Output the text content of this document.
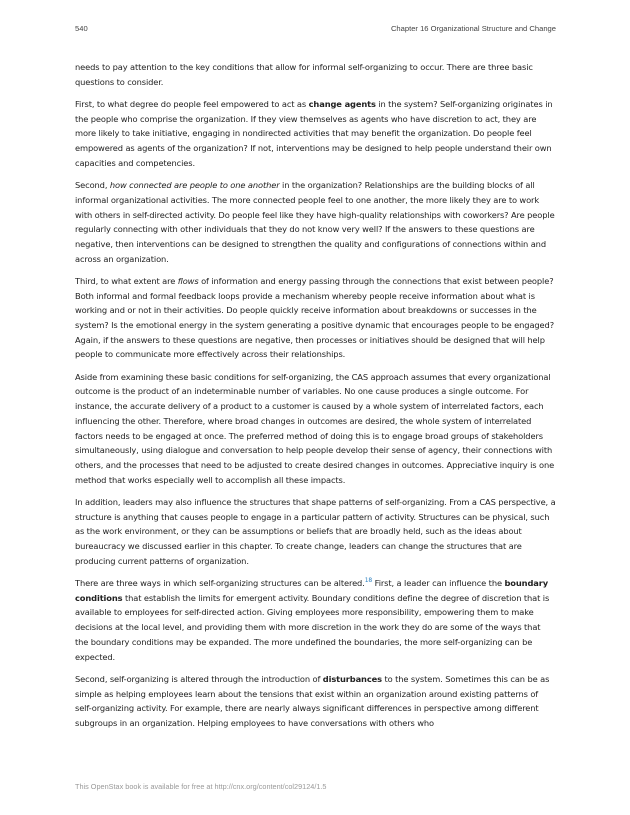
540	Chapter 16 Organizational Structure and Change

needs to pay attention to the key conditions that allow for informal self-organizing to occur. There are three basic questions to consider.

First, to what degree do people feel empowered to act as change agents in the system? Self-organizing originates in the people who comprise the organization. If they view themselves as agents who have discretion to act, they are more likely to take initiative, engaging in nondirected activities that may benefit the organization. Do people feel empowered as agents of the organization? If not, interventions may be designed to help people understand their own capacities and competencies.

Second, how connected are people to one another in the organization? Relationships are the building blocks of all informal organizational activities. The more connected people feel to one another, the more likely they are to work with others in self-directed activity. Do people feel like they have high-quality relationships with coworkers? Are people regularly connecting with other individuals that they do not know very well? If the answers to these questions are negative, then interventions can be designed to strengthen the quality and configurations of connections within and across an organization.

Third, to what extent are flows of information and energy passing through the connections that exist between people? Both informal and formal feedback loops provide a mechanism whereby people receive information about what is working and or not in their activities. Do people quickly receive information about breakdowns or successes in the system? Is the emotional energy in the system generating a positive dynamic that encourages people to be engaged? Again, if the answers to these questions are negative, then processes or initiatives should be designed that will help people to communicate more effectively across their relationships.

Aside from examining these basic conditions for self-organizing, the CAS approach assumes that every organizational outcome is the product of an indeterminable number of variables. No one cause produces a single outcome. For instance, the accurate delivery of a product to a customer is caused by a whole system of interrelated factors, each influencing the other. Therefore, where broad changes in outcomes are desired, the whole system of interrelated factors needs to be engaged at once. The preferred method of doing this is to engage broad groups of stakeholders simultaneously, using dialogue and conversation to help people develop their sense of agency, their connections with others, and the processes that need to be adjusted to create desired changes in outcomes. Appreciative inquiry is one method that works especially well to accomplish all these impacts.

In addition, leaders may also influence the structures that shape patterns of self-organizing. From a CAS perspective, a structure is anything that causes people to engage in a particular pattern of activity. Structures can be physical, such as the work environment, or they can be assumptions or beliefs that are broadly held, such as the ideas about bureaucracy we discussed earlier in this chapter. To create change, leaders can change the structures that are producing current patterns of organization.

There are three ways in which self-organizing structures can be altered.$^{18}$ First, a leader can influence the boundary conditions that establish the limits for emergent activity. Boundary conditions define the degree of discretion that is available to employees for self-directed action. Giving employees more responsibility, empowering them to make decisions at the local level, and providing them with more discretion in the work they do are some of the ways that the boundary conditions may be expanded. The more undefined the boundaries, the more self-organizing can be expected.

Second, self-organizing is altered through the introduction of disturbances to the system. Sometimes this can be as simple as helping employees learn about the tensions that exist within an organization around existing patterns of self-organizing activity. For example, there are nearly always significant differences in perspective among different subgroups in an organization. Helping employees to have conversations with others who

This OpenStax book is available for free at http://cnx.org/content/col29124/1.5
